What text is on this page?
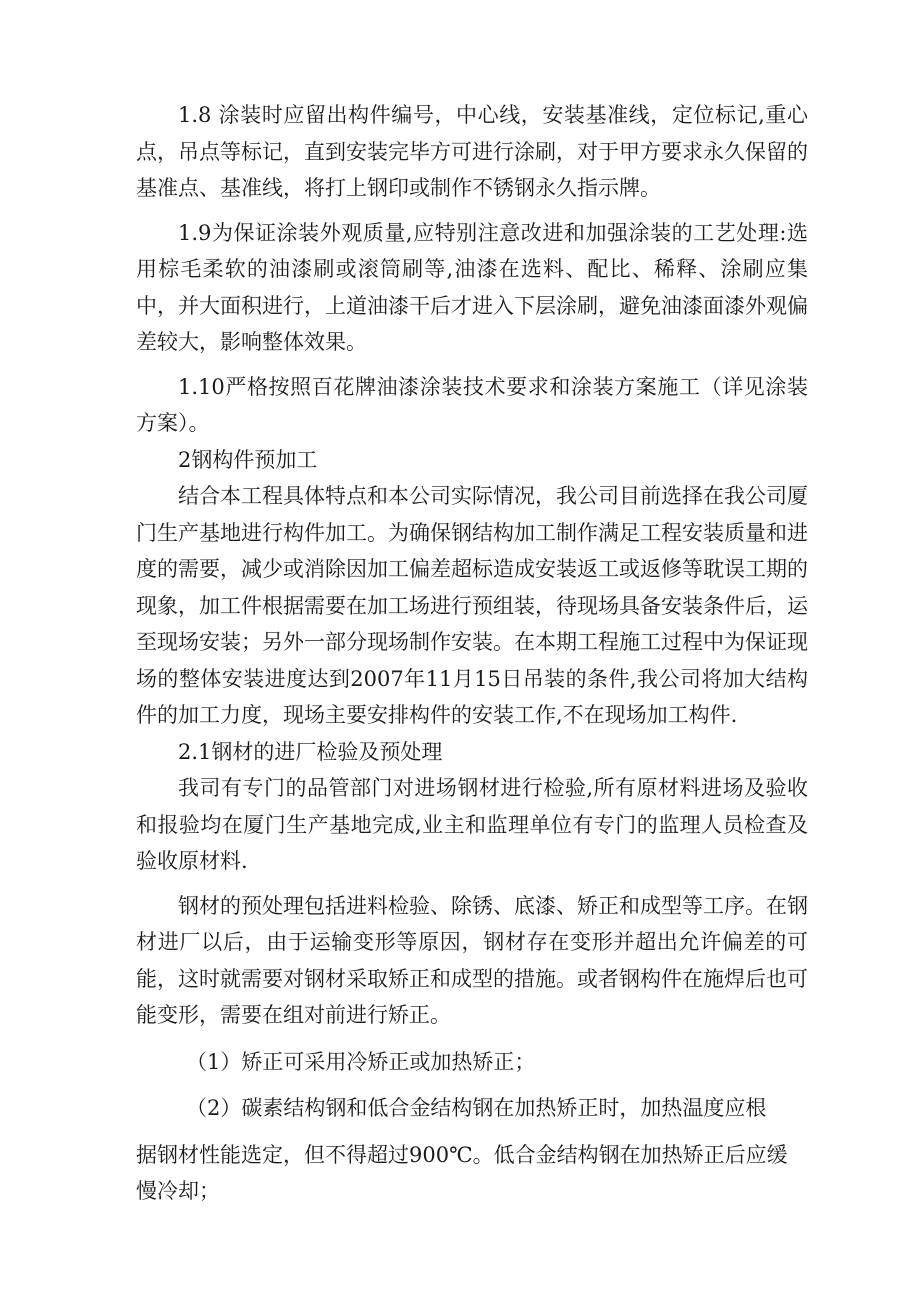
1.8 涂装时应留出构件编号，中心线，安装基准线，定位标记,重心点，吊点等标记，直到安装完毕方可进行涂刷，对于甲方要求永久保留的基准点、基准线，将打上钢印或制作不锈钢永久指示牌。

1.9为保证涂装外观质量,应特别注意改进和加强涂装的工艺处理:选用棕毛柔软的油漆刷或滚筒刷等,油漆在选料、配比、稀释、涂刷应集中，并大面积进行，上道油漆干后才进入下层涂刷，避免油漆面漆外观偏差较大，影响整体效果。

1.10严格按照百花牌油漆涂装技术要求和涂装方案施工（详见涂装方案）。

2钢构件预加工

结合本工程具体特点和本公司实际情况，我公司目前选择在我公司厦门生产基地进行构件加工。为确保钢结构加工制作满足工程安装质量和进度的需要，减少或消除因加工偏差超标造成安装返工或返修等耽误工期的现象，加工件根据需要在加工场进行预组装，待现场具备安装条件后，运至现场安装；另外一部分现场制作安装。在本期工程施工过程中为保证现场的整体安装进度达到2007年11月15日吊装的条件,我公司将加大结构件的加工力度，现场主要安排构件的安装工作,不在现场加工构件.

2.1钢材的进厂检验及预处理

我司有专门的品管部门对进场钢材进行检验,所有原材料进场及验收和报验均在厦门生产基地完成,业主和监理单位有专门的监理人员检查及验收原材料.

钢材的预处理包括进料检验、除锈、底漆、矫正和成型等工序。在钢材进厂以后，由于运输变形等原因，钢材存在变形并超出允许偏差的可能，这时就需要对钢材采取矫正和成型的措施。或者钢构件在施焊后也可能变形，需要在组对前进行矫正。

（1）矫正可采用冷矫正或加热矫正；

（2）碳素结构钢和低合金结构钢在加热矫正时，加热温度应根

据钢材性能选定，但不得超过900℃。低合金结构钢在加热矫正后应缓慢冷却；
